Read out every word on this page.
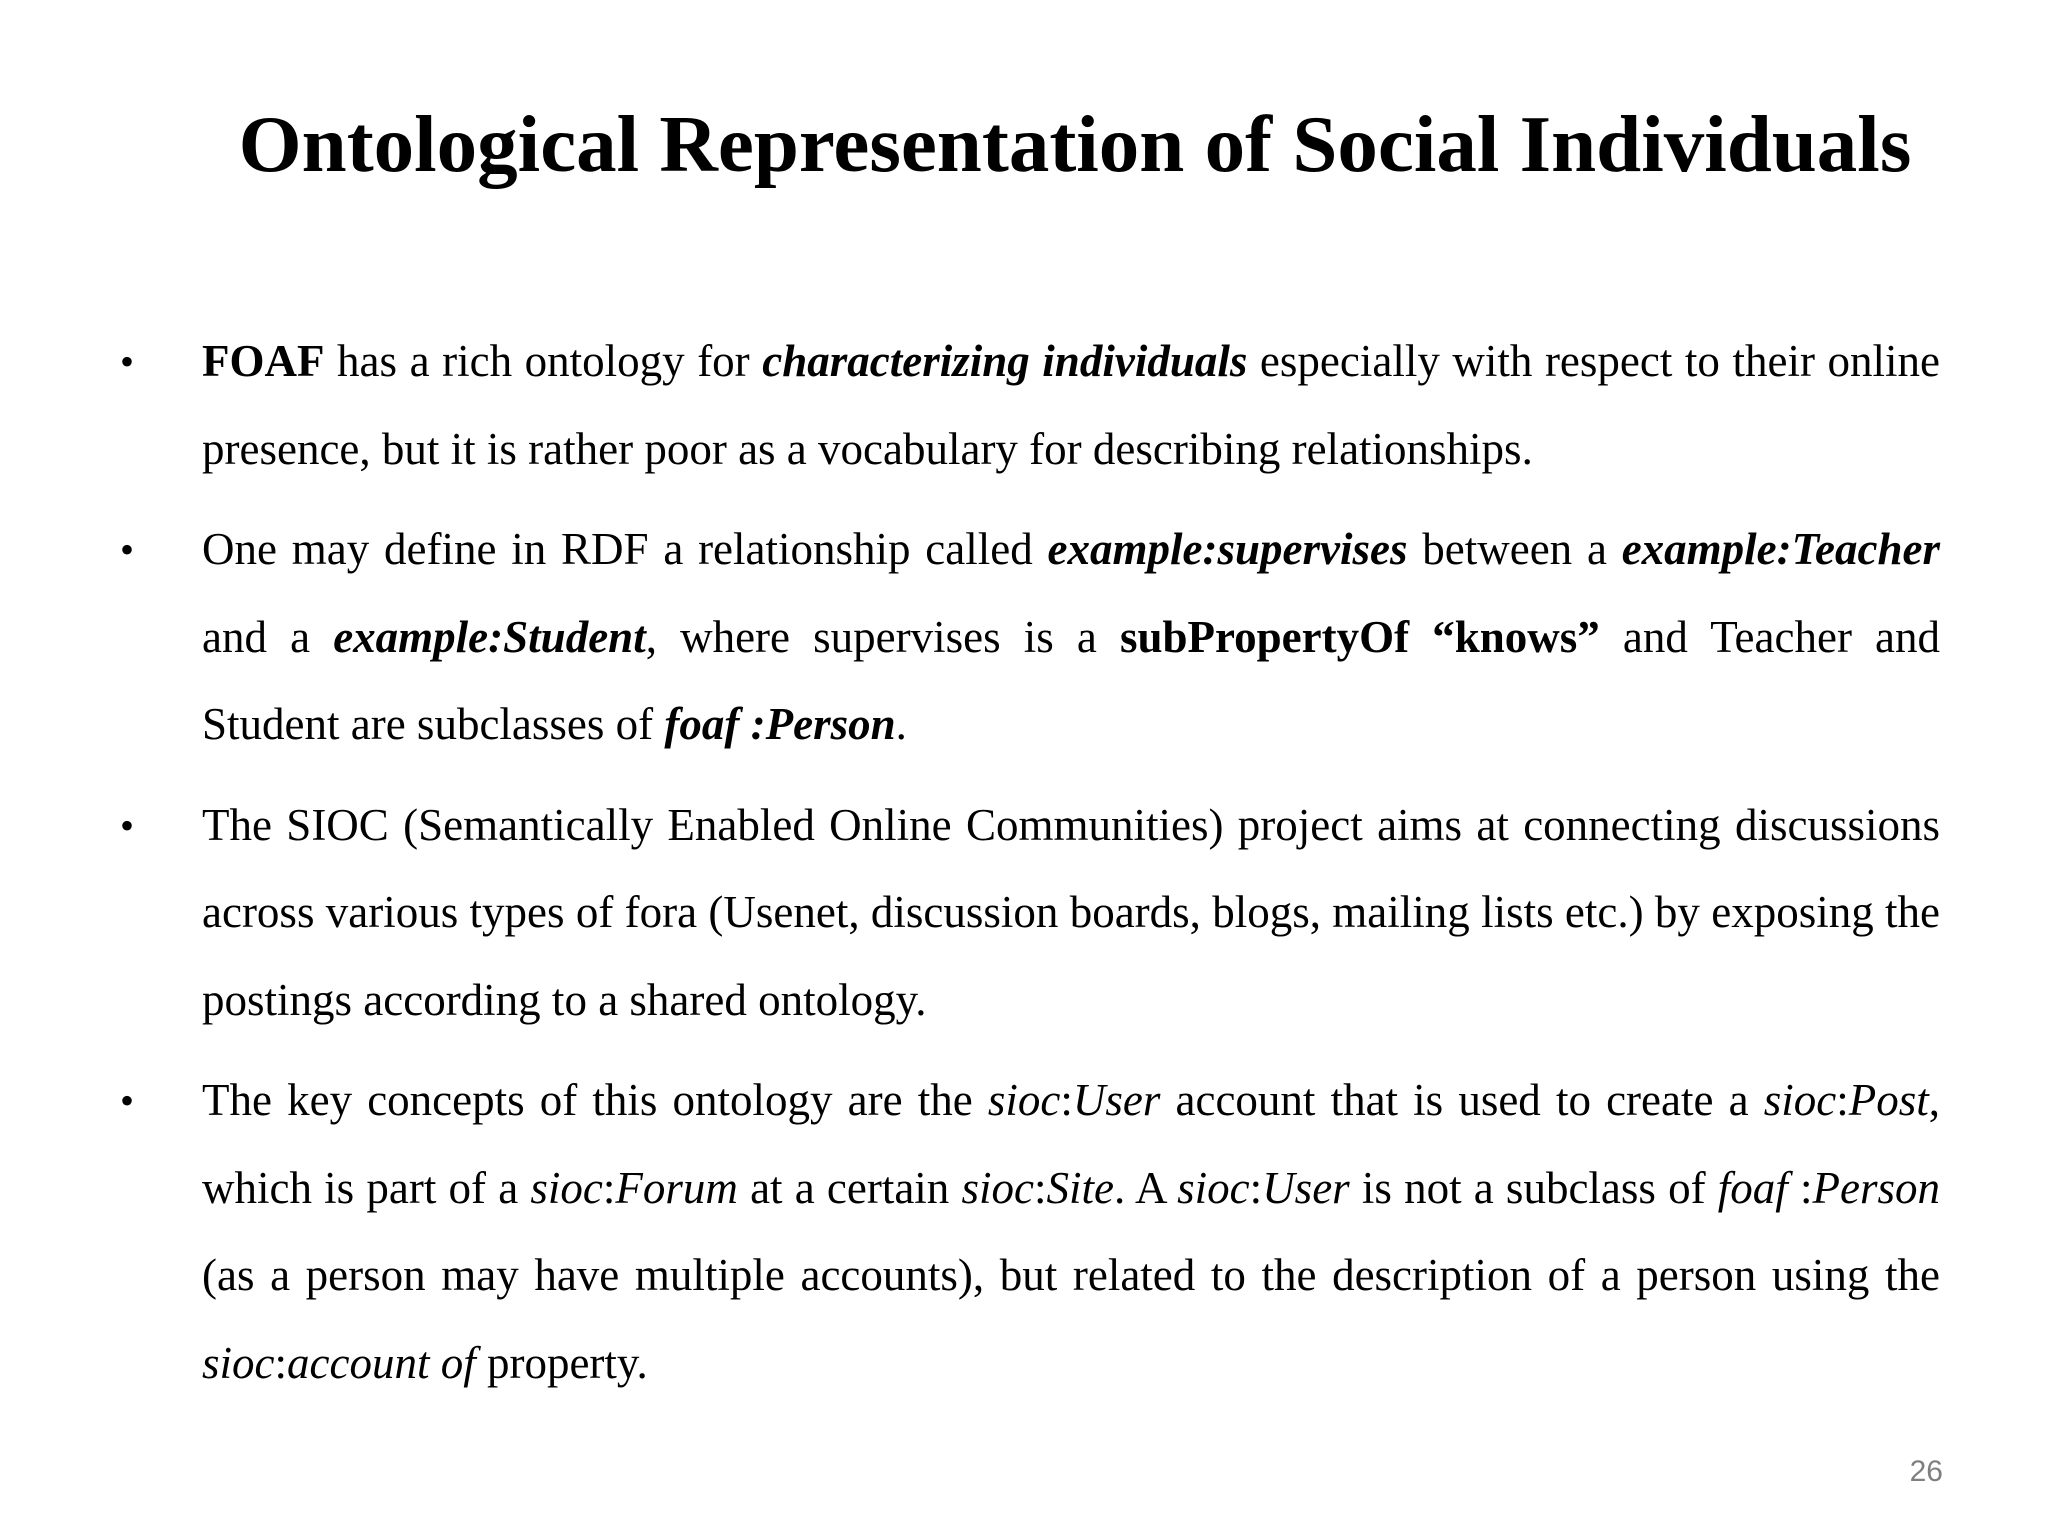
Ontological Representation of Social Individuals
• FOAF has a rich ontology for characterizing individuals especially with respect to their online presence, but it is rather poor as a vocabulary for describing relationships.
• One may define in RDF a relationship called example:supervises between a example:Teacher and a example:Student, where supervises is a subPropertyOf “knows” and Teacher and Student are subclasses of foaf :Person.
• The SIOC (Semantically Enabled Online Communities) project aims at connecting discussions across various types of fora (Usenet, discussion boards, blogs, mailing lists etc.) by exposing the postings according to a shared ontology.
• The key concepts of this ontology are the sioc:User account that is used to create a sioc:Post, which is part of a sioc:Forum at a certain sioc:Site. A sioc:User is not a subclass of foaf :Person (as a person may have multiple accounts), but related to the description of a person using the sioc:account of property.
26
